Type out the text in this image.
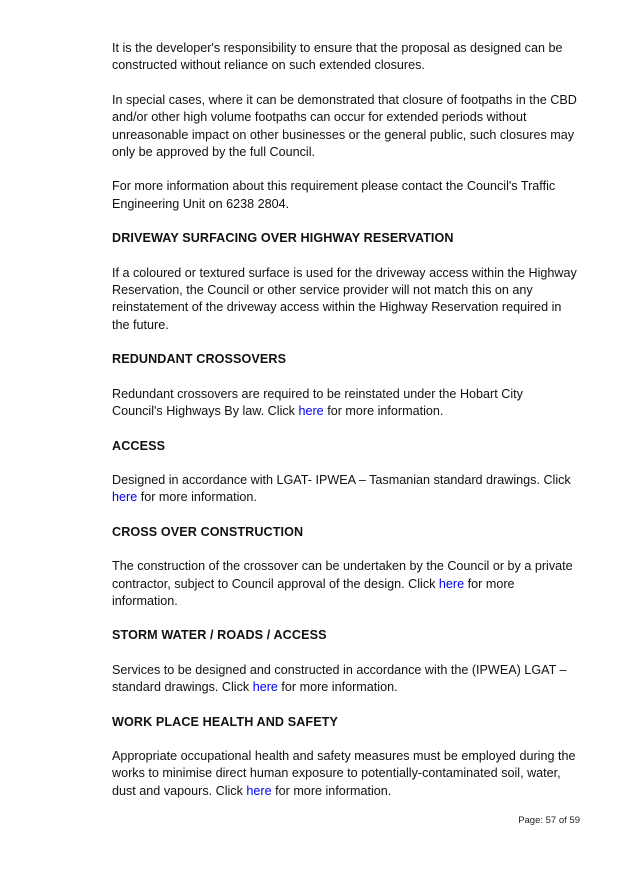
It is the developer's responsibility to ensure that the proposal as designed can be constructed without reliance on such extended closures.

In special cases, where it can be demonstrated that closure of footpaths in the CBD and/or other high volume footpaths can occur for extended periods without unreasonable impact on other businesses or the general public, such closures may only be approved by the full Council.

For more information about this requirement please contact the Council's Traffic Engineering Unit on 6238 2804.

DRIVEWAY SURFACING OVER HIGHWAY RESERVATION

If a coloured or textured surface is used for the driveway access within the Highway Reservation, the Council or other service provider will not match this on any reinstatement of the driveway access within the Highway Reservation required in the future.

REDUNDANT CROSSOVERS

Redundant crossovers are required to be reinstated under the Hobart City Council's Highways By law. Click here for more information.

ACCESS

Designed in accordance with LGAT- IPWEA – Tasmanian standard drawings. Click here for more information.

CROSS OVER CONSTRUCTION

The construction of the crossover can be undertaken by the Council or by a private contractor, subject to Council approval of the design. Click here for more information.

STORM WATER / ROADS / ACCESS

Services to be designed and constructed in accordance with the (IPWEA) LGAT – standard drawings. Click here for more information.

WORK PLACE HEALTH AND SAFETY

Appropriate occupational health and safety measures must be employed during the works to minimise direct human exposure to potentially-contaminated soil, water, dust and vapours. Click here for more information.

Page: 57 of 59
